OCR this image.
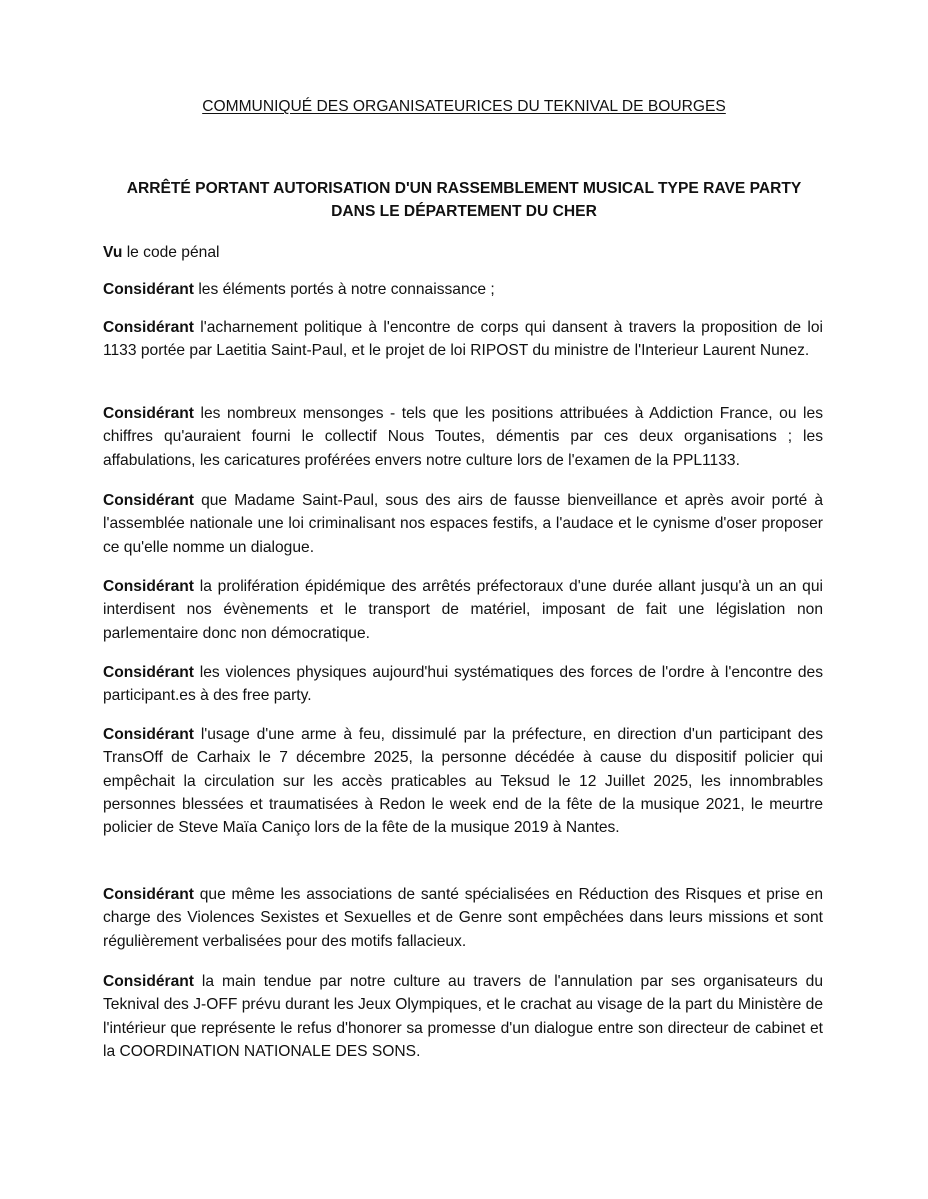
COMMUNIQUÉ DES ORGANISATEURICES DU TEKNIVAL DE BOURGES
ARRÊTÉ PORTANT AUTORISATION D'UN RASSEMBLEMENT MUSICAL TYPE RAVE PARTY
DANS LE DÉPARTEMENT DU CHER

Vu le code pénal

Considérant les éléments portés à notre connaissance ;

Considérant l'acharnement politique à l'encontre de corps qui dansent à travers la proposition de loi 1133 portée par Laetitia Saint-Paul, et le projet de loi RIPOST du ministre de l'Interieur Laurent Nunez.

Considérant les nombreux mensonges - tels que les positions attribuées à Addiction France, ou les chiffres qu'auraient fourni le collectif Nous Toutes, démentis par ces deux organisations ; les affabulations, les caricatures proférées envers notre culture lors de l'examen de la PPL1133.

Considérant que Madame Saint-Paul, sous des airs de fausse bienveillance et après avoir porté à l'assemblée nationale une loi criminalisant nos espaces festifs, a l'audace et le cynisme d'oser proposer ce qu'elle nomme un dialogue.

Considérant la prolifération épidémique des arrêtés préfectoraux d'une durée allant jusqu'à un an qui interdisent nos évènements et le transport de matériel, imposant de fait une législation non parlementaire donc non démocratique.

Considérant les violences physiques aujourd'hui systématiques des forces de l'ordre à l'encontre des participant.es à des free party.

Considérant l'usage d'une arme à feu, dissimulé par la préfecture, en direction d'un participant des TransOff de Carhaix le 7 décembre 2025, la personne décédée à cause du dispositif policier qui empêchait la circulation sur les accès praticables au Teksud le 12 Juillet 2025, les innombrables personnes blessées et traumatisées à Redon le week end de la fête de la musique 2021, le meurtre policier de Steve Maïa Caniço lors de la fête de la musique 2019 à Nantes.

Considérant que même les associations de santé spécialisées en Réduction des Risques et prise en charge des Violences Sexistes et Sexuelles et de Genre sont empêchées dans leurs missions et sont régulièrement verbalisées pour des motifs fallacieux.

Considérant la main tendue par notre culture au travers de l'annulation par ses organisateurs du Teknival des J-OFF prévu durant les Jeux Olympiques, et le crachat au visage de la part du Ministère de l'intérieur que représente le refus d'honorer sa promesse d'un dialogue entre son directeur de cabinet et la COORDINATION NATIONALE DES SONS.
